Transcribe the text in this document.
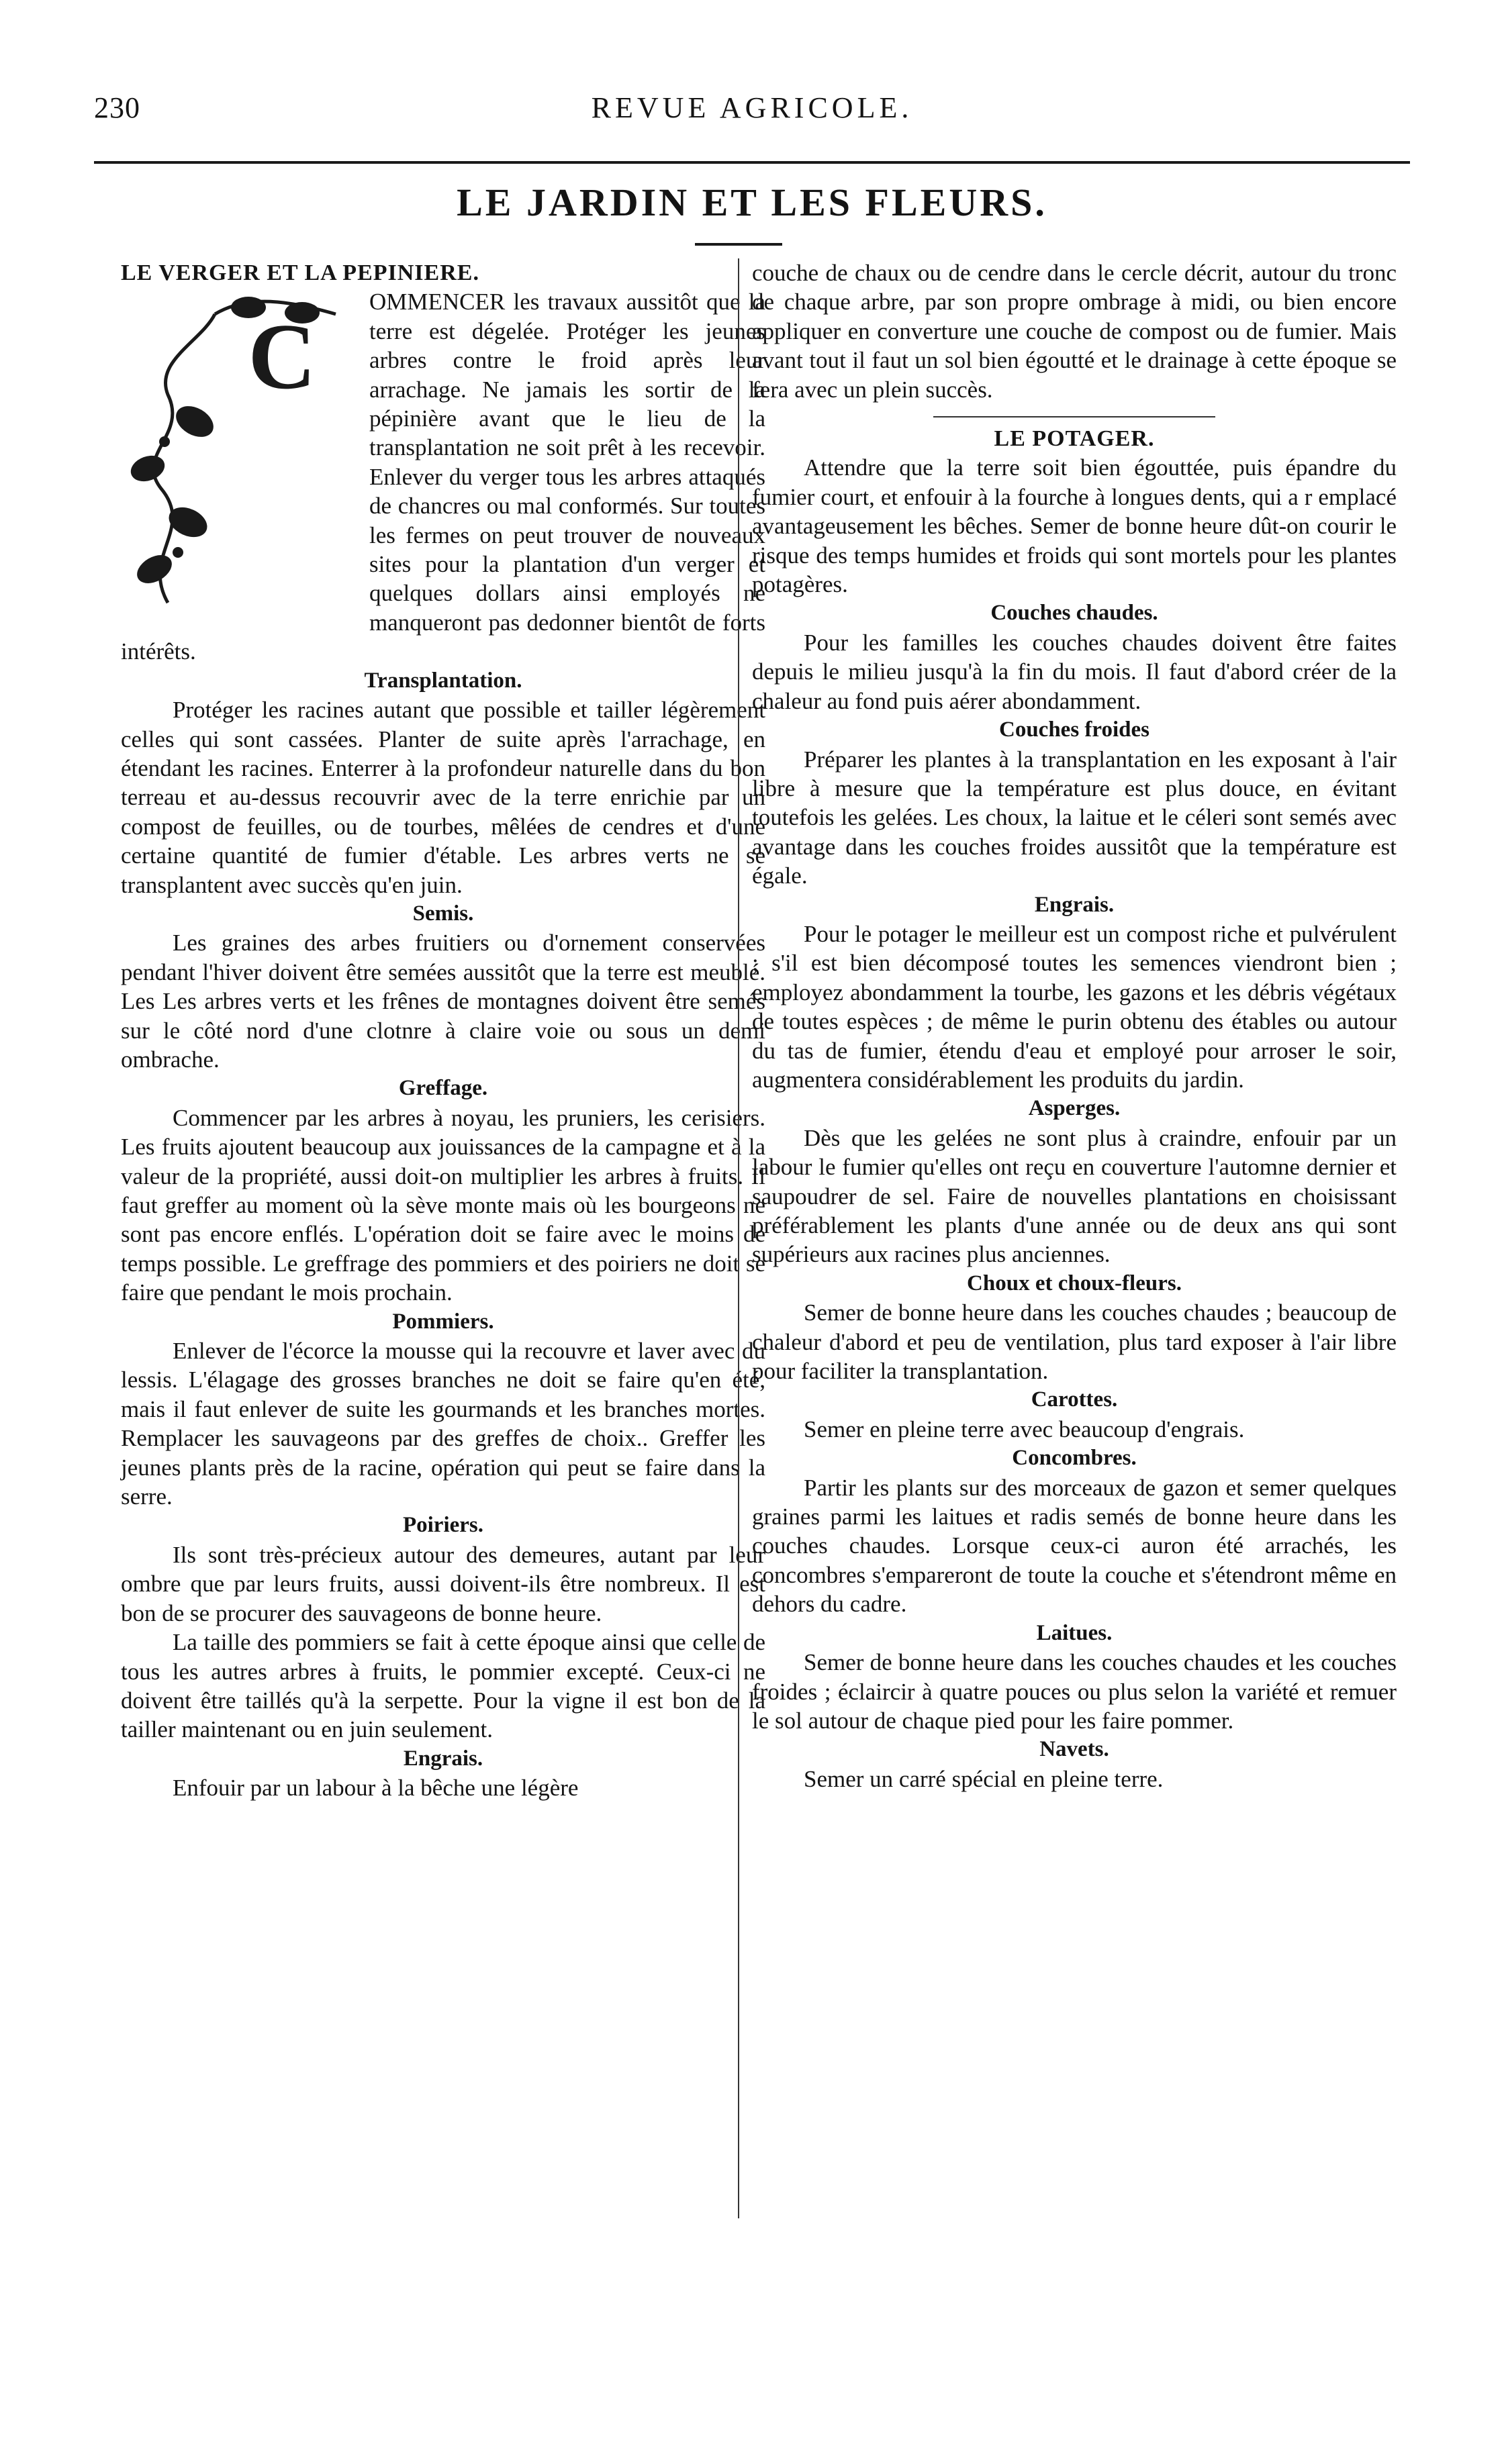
230	REVUE AGRICOLE.
LE JARDIN ET LES FLEURS.
LE VERGER ET LA PEPINIERE.
C

OMMENCER les travaux aussitôt que la terre est dégelée. Protéger les jeunes arbres contre le froid après leur arrachage. Ne jamais les sortir de la pépinière avant que le lieu de la transplantation ne soit prêt à les recevoir. Enlever du verger tous les arbres attaqués de chancres ou mal conformés. Sur toutes les fermes on peut trouver de nouveaux sites pour la plantation d'un verger et quelques dollars ainsi employés ne manqueront pas dedonner bientôt de forts intérêts.

Transplantation.

Protéger les racines autant que possible et tailler légèrement celles qui sont cassées. Planter de suite après l'arrachage, en étendant les racines. Enterrer à la profondeur naturelle dans du bon terreau et au-dessus recouvrir avec de la terre enrichie par un compost de feuilles, ou de tourbes, mêlées de cendres et d'une certaine quantité de fumier d'étable. Les arbres verts ne se transplantent avec succès qu'en juin.

Semis.

Les graines des arbes fruitiers ou d'ornement conservées pendant l'hiver doivent être semées aussitôt que la terre est meublé. Les Les arbres verts et les frênes de montagnes doivent être semés sur le côté nord d'une clotnre à claire voie ou sous un demi ombrache.

Greffage.

Commencer par les arbres à noyau, les pruniers, les cerisiers. Les fruits ajoutent beaucoup aux jouissances de la campagne et à la valeur de la propriété, aussi doit-on multiplier les arbres à fruits. Il faut greffer au moment où la sève monte mais où les bourgeons ne sont pas encore enflés. L'opération doit se faire avec le moins de temps possible. Le greffrage des pommiers et des poiriers ne doit se faire que pendant le mois prochain.

Pommiers.

Enlever de l'écorce la mousse qui la recouvre et laver avec du lessis. L'élagage des grosses branches ne doit se faire qu'en été, mais il faut enlever de suite les gourmands et les branches mortes. Remplacer les sauvageons par des greffes de choix.. Greffer les jeunes plants près de la racine, opération qui peut se faire dans la serre.

Poiriers.

Ils sont très-précieux autour des demeures, autant par leur ombre que par leurs fruits, aussi doivent-ils être nombreux. Il est bon de se procurer des sauvageons de bonne heure.

La taille des pommiers se fait à cette époque ainsi que celle de tous les autres arbres à fruits, le pommier excepté. Ceux-ci ne doivent être taillés qu'à la serpette. Pour la vigne il est bon de la tailler maintenant ou en juin seulement.

Engrais.

Enfouir par un labour à la bêche une légère

couche de chaux ou de cendre dans le cercle décrit, autour du tronc de chaque arbre, par son propre ombrage à midi, ou bien encore appliquer en converture une couche de compost ou de fumier. Mais avant tout il faut un sol bien égoutté et le drainage à cette époque se fera avec un plein succès.

LE POTAGER.

Attendre que la terre soit bien égouttée, puis épandre du fumier court, et enfouir à la fourche à longues dents, qui a r emplacé avantageusement les bêches. Semer de bonne heure dût-on courir le risque des temps humides et froids qui sont mortels pour les plantes potagères.

Couches chaudes.

Pour les familles les couches chaudes doivent être faites depuis le milieu jusqu'à la fin du mois. Il faut d'abord créer de la chaleur au fond puis aérer abondamment.

Couches froides

Préparer les plantes à la transplantation en les exposant à l'air libre à mesure que la température est plus douce, en évitant toutefois les gelées. Les choux, la laitue et le céleri sont semés avec avantage dans les couches froides aussitôt que la température est égale.

Engrais.

Pour le potager le meilleur est un compost riche et pulvérulent ; s'il est bien décomposé toutes les semences viendront bien ; employez abondamment la tourbe, les gazons et les débris végétaux de toutes espèces ; de même le purin obtenu des étables ou autour du tas de fumier, étendu d'eau et employé pour arroser le soir, augmentera considérablement les produits du jardin.

Asperges.

Dès que les gelées ne sont plus à craindre, enfouir par un labour le fumier qu'elles ont reçu en couverture l'automne dernier et saupoudrer de sel. Faire de nouvelles plantations en choisissant préférablement les plants d'une année ou de deux ans qui sont supérieurs aux racines plus anciennes.

Choux et choux-fleurs.

Semer de bonne heure dans les couches chaudes ; beaucoup de chaleur d'abord et peu de ventilation, plus tard exposer à l'air libre pour faciliter la transplantation.

Carottes.

Semer en pleine terre avec beaucoup d'engrais.

Concombres.

Partir les plants sur des morceaux de gazon et semer quelques graines parmi les laitues et radis semés de bonne heure dans les couches chaudes. Lorsque ceux-ci auron été arrachés, les concombres s'empareront de toute la couche et s'étendront même en dehors du cadre.

Laitues.

Semer de bonne heure dans les couches chaudes et les couches froides ; éclaircir à quatre pouces ou plus selon la variété et remuer le sol autour de chaque pied pour les faire pommer.

Navets.

Semer un carré spécial en pleine terre.
